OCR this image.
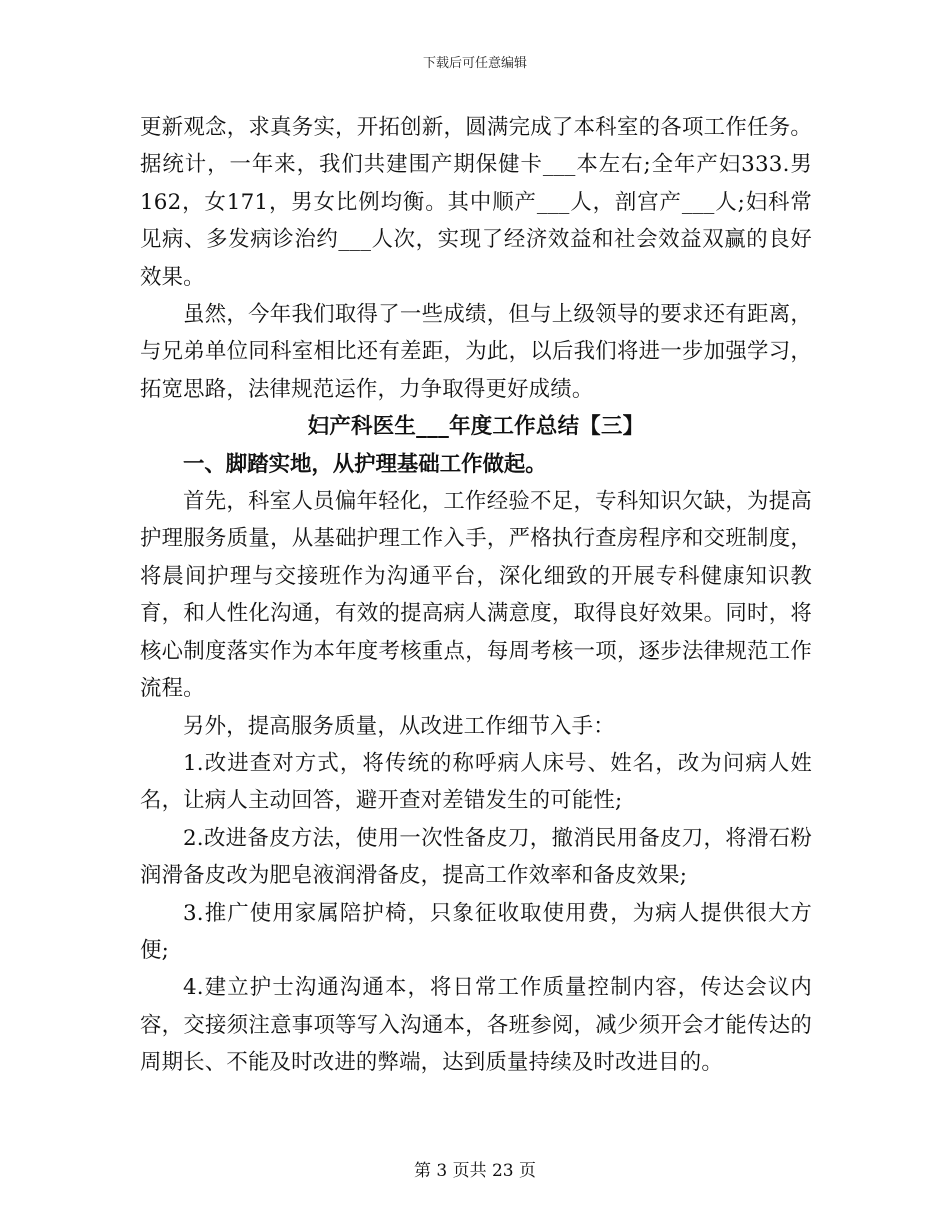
下载后可任意编辑

更新观念，求真务实，开拓创新，圆满完成了本科室的各项工作任务。据统计，一年来，我们共建围产期保健卡___本左右;全年产妇333.男162，女171，男女比例均衡。其中顺产___人，剖宫产___人;妇科常见病、多发病诊治约___人次，实现了经济效益和社会效益双赢的良好效果。

虽然，今年我们取得了一些成绩，但与上级领导的要求还有距离，与兄弟单位同科室相比还有差距，为此，以后我们将进一步加强学习，拓宽思路，法律规范运作，力争取得更好成绩。

妇产科医生___年度工作总结【三】

一、脚踏实地，从护理基础工作做起。

首先，科室人员偏年轻化，工作经验不足，专科知识欠缺，为提高护理服务质量，从基础护理工作入手，严格执行查房程序和交班制度，将晨间护理与交接班作为沟通平台，深化细致的开展专科健康知识教育，和人性化沟通，有效的提高病人满意度，取得良好效果。同时，将核心制度落实作为本年度考核重点，每周考核一项，逐步法律规范工作流程。

另外，提高服务质量，从改进工作细节入手：

1.改进查对方式，将传统的称呼病人床号、姓名，改为问病人姓名，让病人主动回答，避开查对差错发生的可能性;

2.改进备皮方法，使用一次性备皮刀，撤消民用备皮刀，将滑石粉润滑备皮改为肥皂液润滑备皮，提高工作效率和备皮效果;

3.推广使用家属陪护椅，只象征收取使用费，为病人提供很大方便;

4.建立护士沟通沟通本，将日常工作质量控制内容，传达会议内容，交接须注意事项等写入沟通本，各班参阅，减少须开会才能传达的周期长、不能及时改进的弊端，达到质量持续及时改进目的。

第 3 页共 23 页
